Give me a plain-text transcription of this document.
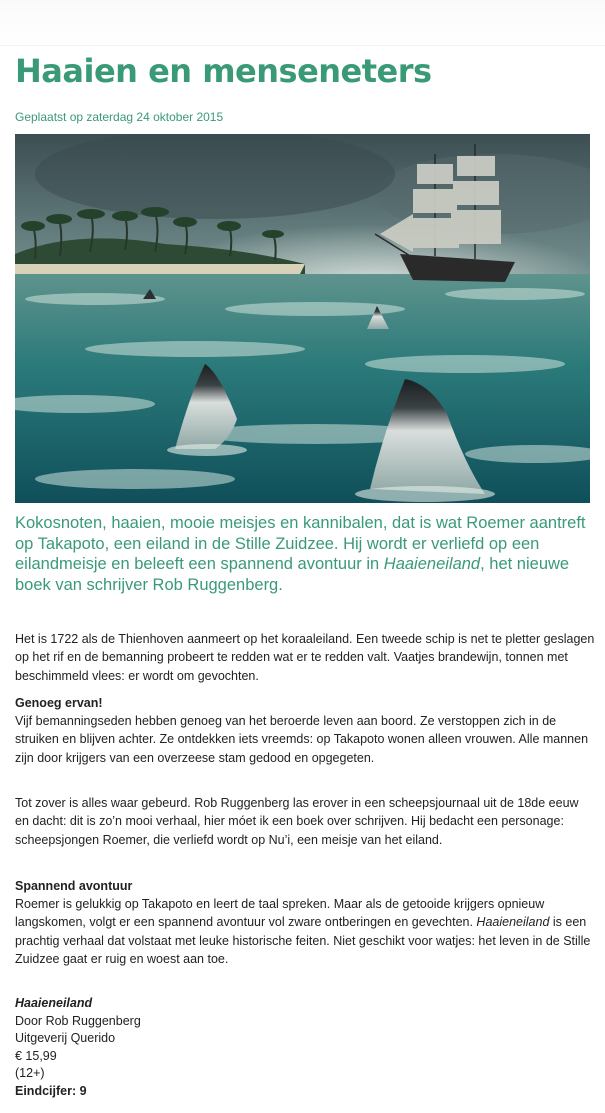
Haaien en menseneters
Geplaatst op zaterdag 24 oktober 2015

Kokosnoten, haaien, mooie meisjes en kannibalen, dat is wat Roemer aantreft op Takapoto, een eiland in de Stille Zuidzee. Hij wordt er verliefd op een eilandmeisje en beleeft een spannend avontuur in Haaieneiland, het nieuwe boek van schrijver Rob Ruggenberg.

Het is 1722 als de Thienhoven aanmeert op het koraaleiland. Een tweede schip is net te pletter geslagen op het rif en de bemanning probeert te redden wat er te redden valt. Vaatjes brandewijn, tonnen met beschimmeld vlees: er wordt om gevochten.

Genoeg ervan!

Vijf bemanningseden hebben genoeg van het beroerde leven aan boord. Ze verstoppen zich in de struiken en blijven achter. Ze ontdekken iets vreemds: op Takapoto wonen alleen vrouwen. Alle mannen zijn door krijgers van een overzeese stam gedood en opgegeten.

Tot zover is alles waar gebeurd. Rob Ruggenberg las erover in een scheepsjournaal uit de 18de eeuw en dacht: dit is zo’n mooi verhaal, hier móet ik een boek over schrijven. Hij bedacht een personage: scheepsjongen Roemer, die verliefd wordt op Nu’i, een meisje van het eiland.

Spannend avontuur

Roemer is gelukkig op Takapoto en leert de taal spreken. Maar als de getooide krijgers opnieuw langskomen, volgt er een spannend avontuur vol zware ontberingen en gevechten. Haaieneiland is een prachtig verhaal dat volstaat met leuke historische feiten. Niet geschikt voor watjes: het leven in de Stille Zuidzee gaat er ruig en woest aan toe.

Haaieneiland
Door Rob Ruggenberg
Uitgeverij Querido
€ 15,99
(12+)
Eindcijfer: 9
